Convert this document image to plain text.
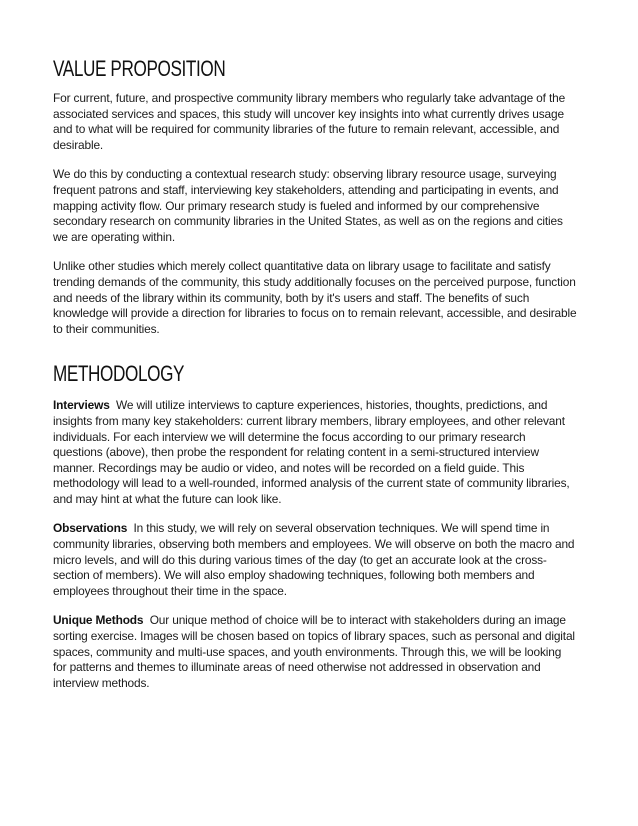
VALUE PROPOSITION

For current, future, and prospective community library members who regularly take advantage of the associated services and spaces, this study will uncover key insights into what currently drives usage and to what will be required for community libraries of the future to remain relevant, accessible, and desirable.

We do this by conducting a contextual research study: observing library resource usage, surveying frequent patrons and staff, interviewing key stakeholders, attending and participating in events, and mapping activity flow. Our primary research study is fueled and informed by our comprehensive secondary research on community libraries in the United States, as well as on the regions and cities we are operating within.

Unlike other studies which merely collect quantitative data on library usage to facilitate and satisfy trending demands of the community, this study additionally focuses on the perceived purpose, function and needs of the library within its community, both by it's users and staff. The benefits of such knowledge will provide a direction for libraries to focus on to remain relevant, accessible, and desirable to their communities.

METHODOLOGY

Interviews We will utilize interviews to capture experiences, histories, thoughts, predictions, and insights from many key stakeholders: current library members, library employees, and other relevant individuals. For each interview we will determine the focus according to our primary research questions (above), then probe the respondent for relating content in a semi-structured interview manner. Recordings may be audio or video, and notes will be recorded on a field guide. This methodology will lead to a well-rounded, informed analysis of the current state of community libraries, and may hint at what the future can look like.

Observations In this study, we will rely on several observation techniques. We will spend time in community libraries, observing both members and employees. We will observe on both the macro and micro levels, and will do this during various times of the day (to get an accurate look at the cross-section of members). We will also employ shadowing techniques, following both members and employees throughout their time in the space.

Unique Methods Our unique method of choice will be to interact with stakeholders during an image sorting exercise. Images will be chosen based on topics of library spaces, such as personal and digital spaces, community and multi-use spaces, and youth environments. Through this, we will be looking for patterns and themes to illuminate areas of need otherwise not addressed in observation and interview methods.
